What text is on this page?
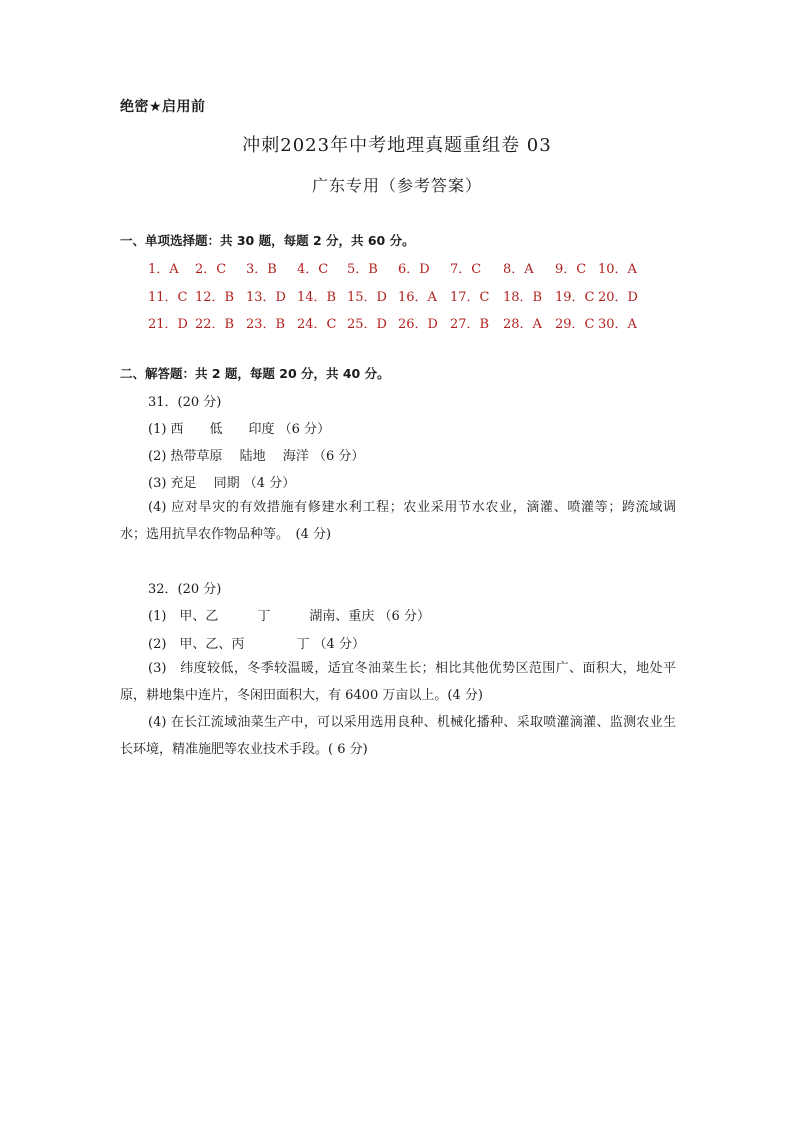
绝密★启用前
冲刺2023年中考地理真题重组卷 03
广东专用（参考答案）
一、单项选择题：共 30 题，每题 2 分，共 60 分。
1．A 2．C 3．B 4．C 5．B 6．D 7．C 8．A 9．C 10．A
11．C 12．B 13．D 14．B 15．D 16．A 17．C 18．B 19．C 20．D
21．D 22．B 23．B 24．C 25．D 26．D 27．B 28．A 29．C 30．A
二、解答题：共 2 题，每题 20 分，共 40 分。
31．(20 分)
(1) 西　　低　　印度 （6 分）
(2) 热带草原　 陆地　 海洋 （6 分）
(3) 充足　 同期 （4 分）
(4) 应对旱灾的有效措施有修建水利工程；农业采用节水农业，滴灌、喷灌等；跨流域调水；选用抗旱农作物品种等。　(4 分)
32．(20 分)
(1)　甲、乙　　　丁　　　湖南、重庆 （6 分）
(2)　甲、乙、丙　　　　丁 （4 分）
(3)　纬度较低，冬季较温暖，适宜冬油菜生长；相比其他优势区范围广、面积大，地处平原，耕地集中连片，冬闲田面积大，有 6400 万亩以上。(4 分)
(4) 在长江流域油菜生产中，可以采用选用良种、机械化播种、采取喷灌滴灌、监测农业生长环境，精准施肥等农业技术手段。( 6 分)
